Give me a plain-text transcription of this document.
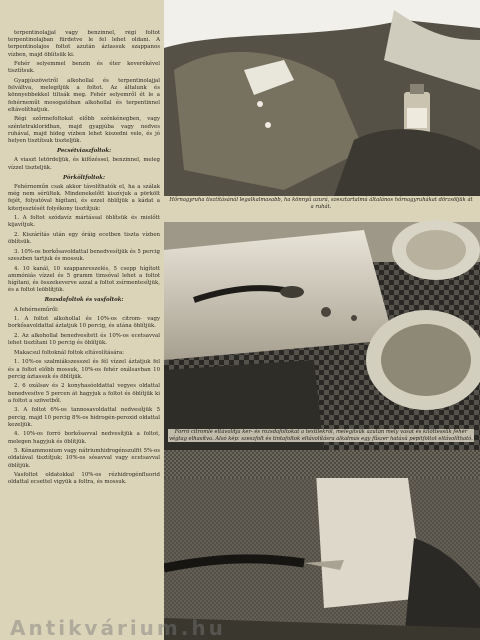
terpentinolajjal vagy benzinnel, régi foltot terpentinolajban fürdetve le fel lehet oldani. A terpentinolajos foltot azután áztassuk szappanos vízben, majd öblítsük ki.

Fehér selyemmel benzin és éter keverékével tisztítsuk.

Gyapjúszövetről alkohollal és terpentinolajjal felváltva, melegítjük a foltot. Az általunk és könnyebbekkel tiltsák meg. Fehér selyemről ét le a fehérneműt mosogatóban alkohollal és terpentinnel eltávolíthatjuk.

Régi szőrmefoltokat előbb szénkénegben, vagy széntetrakloridban, majd gyapjúba vagy nedves ruhával, majd hideg vízben lehet kiszedni vele, és jó helyen tisztítsuk tiszteljük.

Pecsétviaszfoltok:

A viaszt letördeljük, és kifőzéssel, benzinnel, meleg vízzel tiszteljük.

Pörköltfoltok:

Fehérneműn csak akkor távolíthatók el, ha a szálak még nem sérültek. Mindenekelőtt kiszívjuk a pörkölt fejét, folyatóval hígítani, és ezzel öblítjük a kádat a kiterjesztését folyékony tisztítjuk:

1. A foltot szódavíz mártással öblítsük és mielőtt kijavítjuk.

2. Kiszárítás után egy óráig ecetben tiszta vízben öblítsük.

3. 10%-os borkősavoldattal benedvesítjük és 5 percig szeszben tartjuk és mossuk.

4. 10 kanál, 10 szappanreszelés, 5 csepp hígított ammóniás vízzel és 5 gramm timsóval lehet a foltot hígítani, és összekeverve azzal a foltot zsírmentesítjük, és a foltot leöblítjük.

Rozsdafoltok és vasfoltok:

A fehérneműről:

1. A foltot alkohollal és 10%-os citrom- vagy borkősavoldattal áztatjuk 10 percig, és utána öblítjük.

2. Az alkohollal benedvesített és 10%-os ecetsavval lehet tisztítani 10 percig és öblítjük.

Makacsul foltoknál foltok eltávolítására:

1. 10%-os szalmiákszesszel és fél vízzel áztatjuk fel és a foltot előbb mossuk, 10%-os fehér oxálsavban 10 percig áztassuk és öblítjük.

2. 6 oxálsav és 2 konyhasóoldattal vegyes oldattal benedvesítve 5 percen át hagyjuk a foltot és öblítjük ki a foltot a szövetből.

3. A foltot 6%-os tannosavoldattal nedvesítjük 5 percig, majd 10 percig 8%-os hidrogén-peroxid oldattal kezeljük.

4. 10%-os forró borkősavval nedvesítjük a foltot, melegen hagyjuk és öblítjük.

5. Kénammonium vagy nátriumhidrogénszulfit 5%-os oldatával tisztítjuk; 10%-os sósavval vagy ecetsavval öblítjük.

Vasfoltot oldatokkal 10%-os rézhidrogénfluorid oldattal ecsettel vigyük a foltra, és mossuk.

Hőrnagyruha tisztításánál legalkalmasabb, ha könnyű azurá, szesztartalmú általános hőrnagyruhákat dörzsöljük át a ruhát.
Forró citromlé eltávolítja ker- és rozsdafoltokat a textilekről, melegítsük azután mely vasat és kilöttessük fehér végtag elhasítva. Alsó kép: szeszfolt és tintafoltok eltávolításra alkalmas egy fűszer hatású pepitfoltot eltávolítható.
Antikvárium.hu
